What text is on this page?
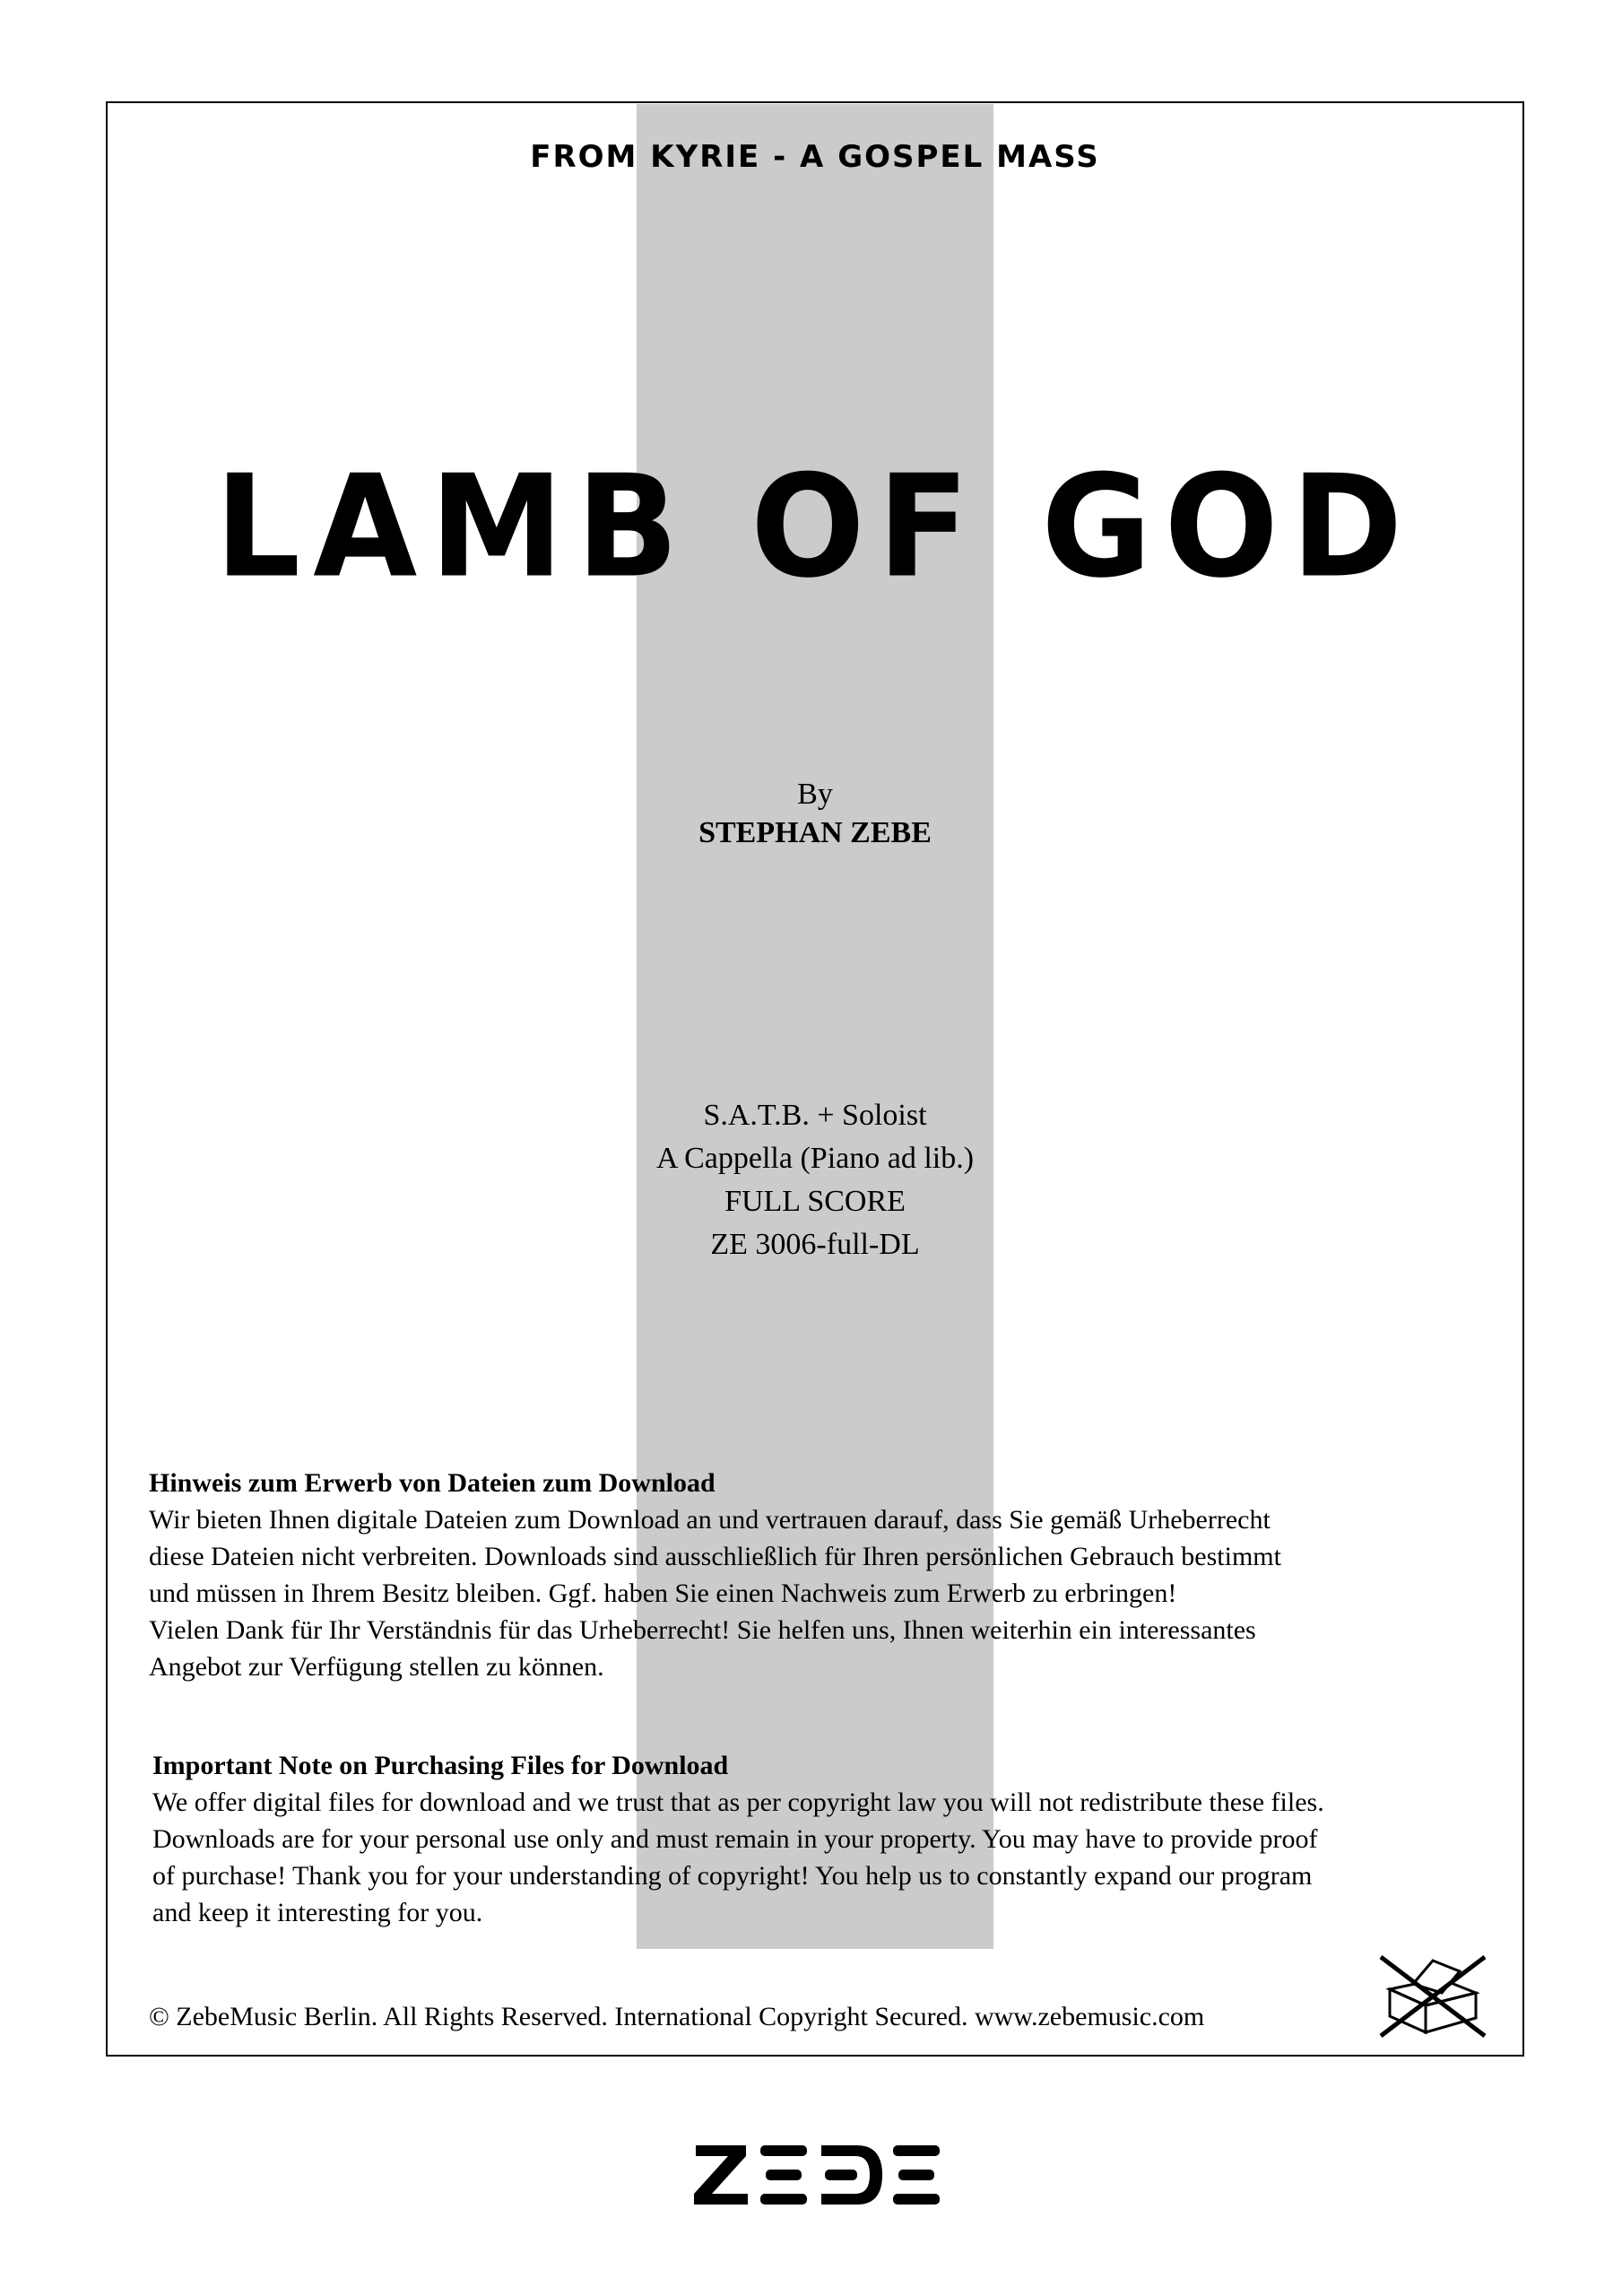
FROM KYRIE - A GOSPEL MASS
LAMB OF GOD
By
STEPHAN ZEBE
S.A.T.B. + Soloist
A Cappella (Piano ad lib.)
FULL SCORE
ZE 3006-full-DL
Hinweis zum Erwerb von Dateien zum Download
Wir bieten Ihnen digitale Dateien zum Download an und vertrauen darauf, dass Sie gemäß Urheberrecht
diese Dateien nicht verbreiten. Downloads sind ausschließlich für Ihren persönlichen Gebrauch bestimmt
und müssen in Ihrem Besitz bleiben. Ggf. haben Sie einen Nachweis zum Erwerb zu erbringen!
Vielen Dank für Ihr Verständnis für das Urheberrecht! Sie helfen uns, Ihnen weiterhin ein interessantes
Angebot zur Verfügung stellen zu können.
Important Note on Purchasing Files for Download
We offer digital files for download and we trust that as per copyright law you will not redistribute these files.
Downloads are for your personal use only and must remain in your property. You may have to provide proof
of purchase! Thank you for your understanding of copyright! You help us to constantly expand our program
and keep it interesting for you.
© ZebeMusic Berlin. All Rights Reserved. International Copyright Secured. www.zebemusic.com
